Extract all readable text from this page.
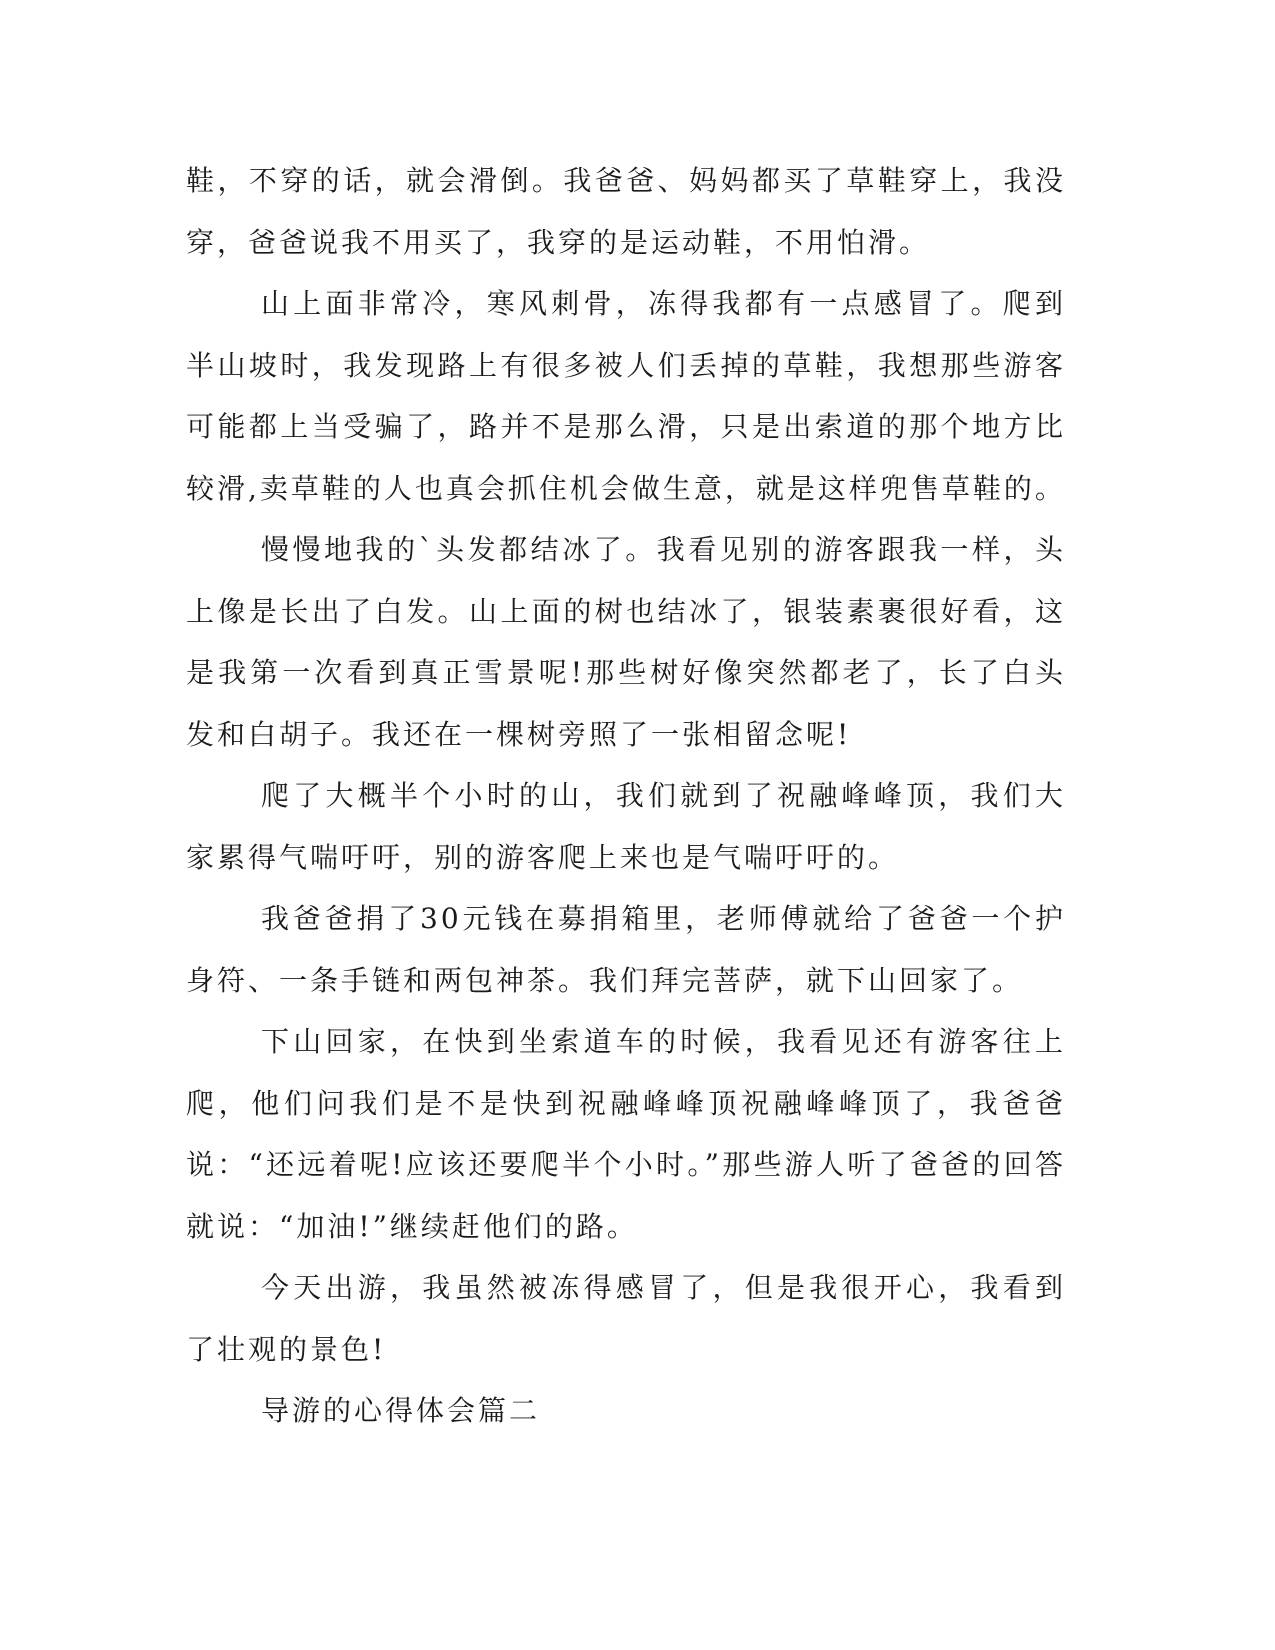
鞋，不穿的话，就会滑倒。我爸爸、妈妈都买了草鞋穿上，我没穿，爸爸说我不用买了，我穿的是运动鞋，不用怕滑。

山上面非常冷，寒风刺骨，冻得我都有一点感冒了。爬到半山坡时，我发现路上有很多被人们丢掉的草鞋，我想那些游客可能都上当受骗了，路并不是那么滑，只是出索道的那个地方比较滑,卖草鞋的人也真会抓住机会做生意，就是这样兜售草鞋的。

慢慢地我的`头发都结冰了。我看见别的游客跟我一样，头上像是长出了白发。山上面的树也结冰了，银装素裹很好看，这是我第一次看到真正雪景呢!那些树好像突然都老了，长了白头发和白胡子。我还在一棵树旁照了一张相留念呢!

爬了大概半个小时的山，我们就到了祝融峰峰顶，我们大家累得气喘吁吁，别的游客爬上来也是气喘吁吁的。

我爸爸捐了30元钱在募捐箱里，老师傅就给了爸爸一个护身符、一条手链和两包神茶。我们拜完菩萨，就下山回家了。

下山回家，在快到坐索道车的时候，我看见还有游客往上爬，他们问我们是不是快到祝融峰峰顶祝融峰峰顶了，我爸爸说：“还远着呢!应该还要爬半个小时。”那些游人听了爸爸的回答就说：“加油!”继续赶他们的路。

今天出游，我虽然被冻得感冒了，但是我很开心，我看到了壮观的景色!

导游的心得体会篇二
